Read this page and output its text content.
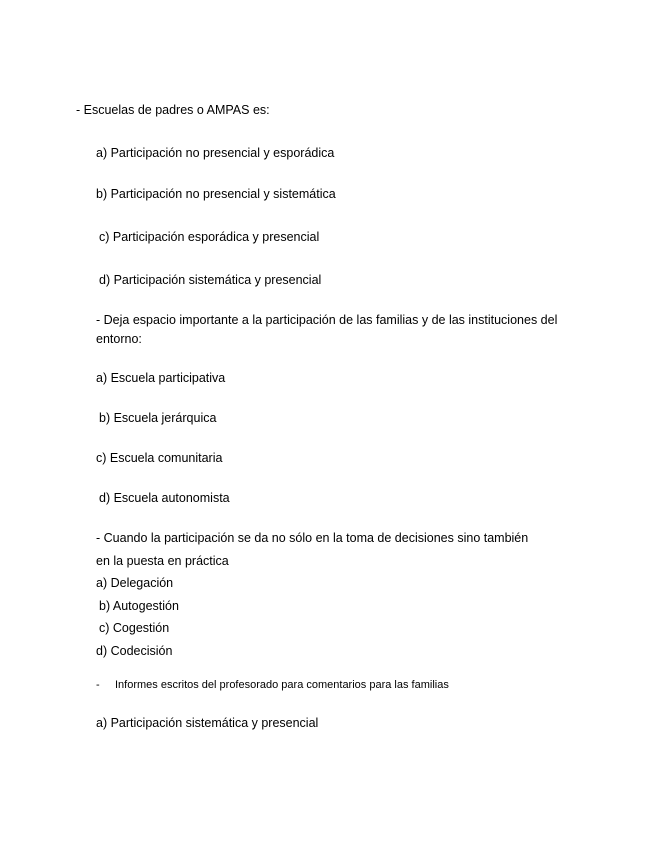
- Escuelas de padres o AMPAS es:
a) Participación no presencial y esporádica
b) Participación no presencial y sistemática
c) Participación esporádica y presencial
d) Participación sistemática y presencial
- Deja espacio importante a la participación de las familias y de las instituciones del
entorno:
a) Escuela participativa
b) Escuela jerárquica
c) Escuela comunitaria
d) Escuela autonomista
- Cuando la participación se da no sólo en la toma de decisiones sino también
en la puesta en práctica
a) Delegación
b) Autogestión
c) Cogestión
d) Codecisión
- Informes escritos del profesorado para comentarios para las familias
a) Participación sistemática y presencial
